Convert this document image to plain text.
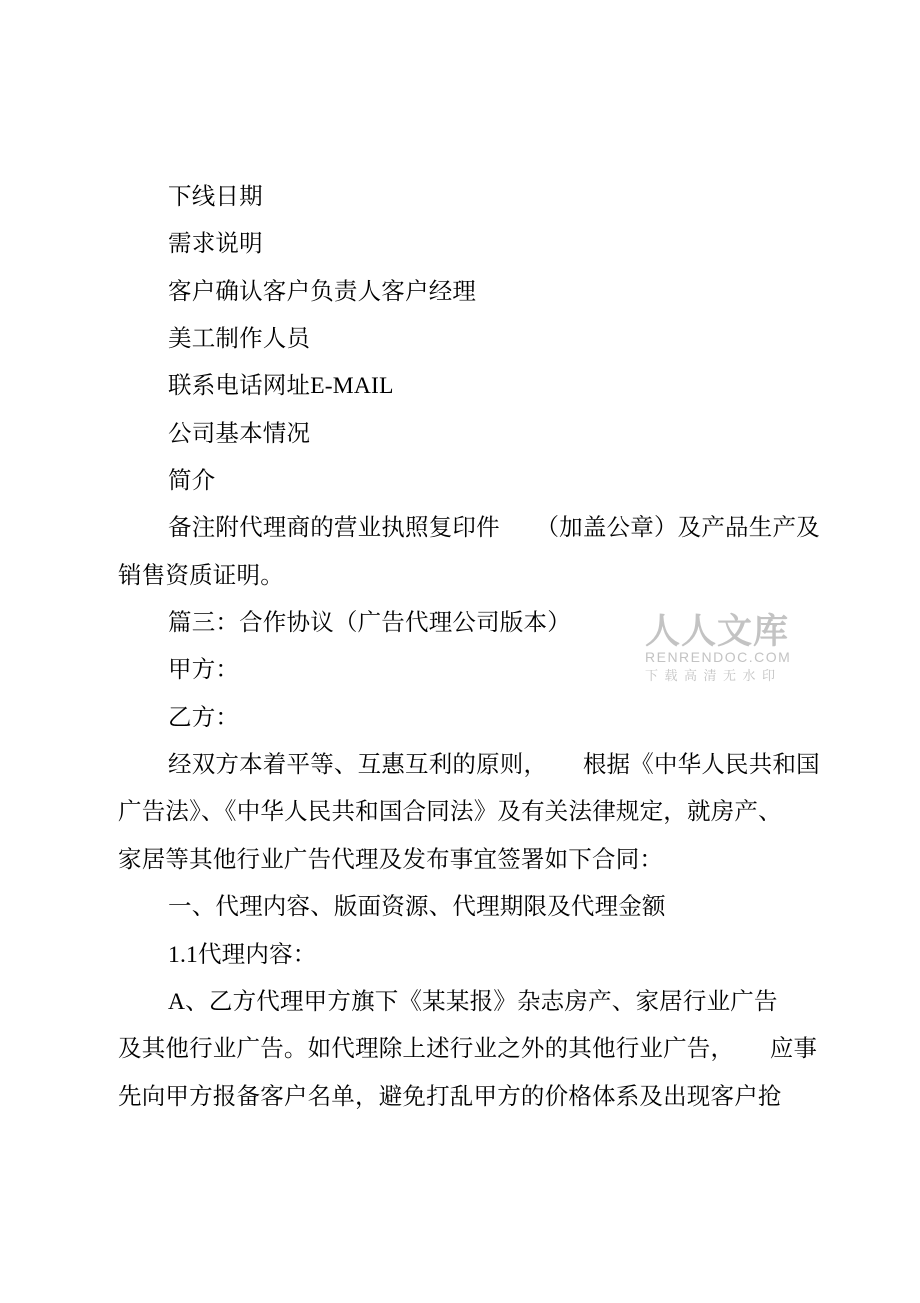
下线日期
需求说明
客户确认客户负责人客户经理
美工制作人员
联系电话网址E-MAIL
公司基本情况
简介
备注附代理商的营业执照复印件　　（加盖公章）及产品生产及
销售资质证明。
篇三：合作协议（广告代理公司版本）
甲方：
乙方：
经双方本着平等、互惠互利的原则，　　根据《中华人民共和国
广告法》、《中华人民共和国合同法》及有关法律规定，就房产、
家居等其他行业广告代理及发布事宜签署如下合同：
一、代理内容、版面资源、代理期限及代理金额
1.1代理内容：
A、乙方代理甲方旗下《某某报》杂志房产、家居行业广告
及其他行业广告。如代理除上述行业之外的其他行业广告，　　应事
先向甲方报备客户名单，避免打乱甲方的价格体系及出现客户抢
人人文库
RENRENDOC.COM
下载高清无水印
